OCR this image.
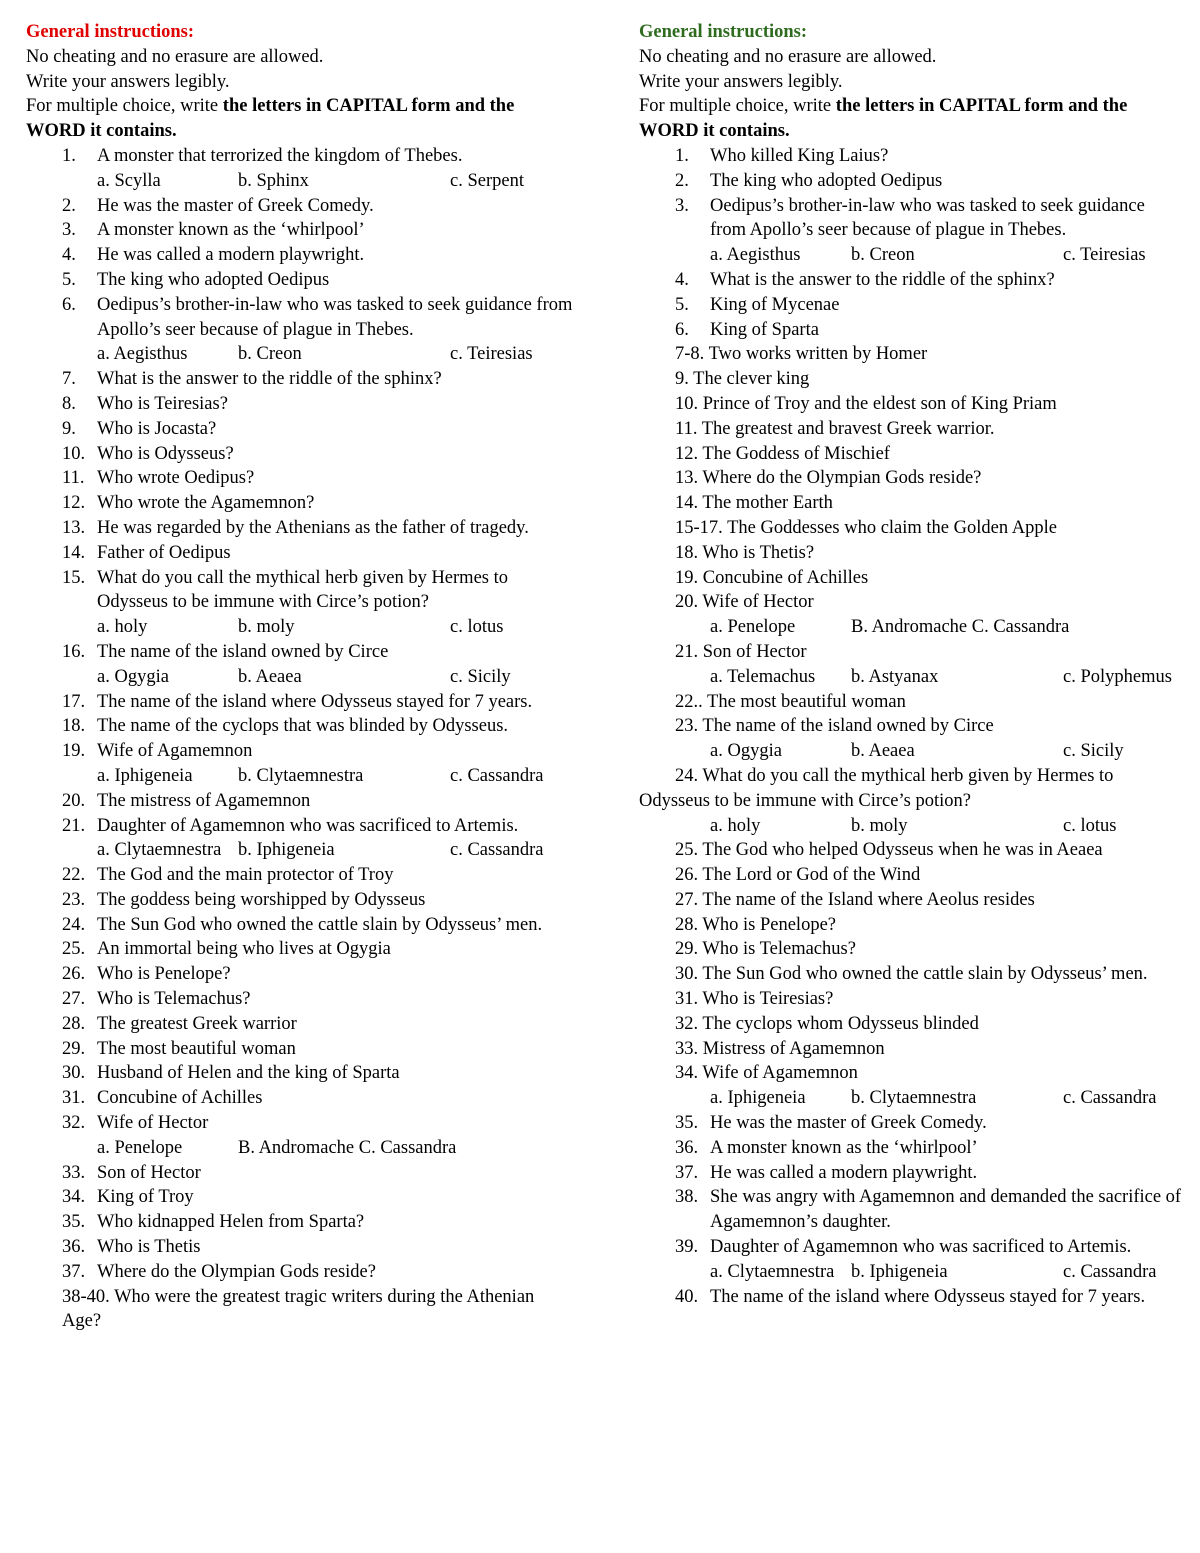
General instructions:

No cheating and no erasure are allowed.

Write your answers legibly.

For multiple choice, write the letters in CAPITAL form and the WORD it contains.

1. A monster that terrorized the kingdom of Thebes.
a. Scylla	b. Sphinx	c. Serpent
2. He was the master of Greek Comedy.
3. A monster known as the ‘whirlpool’
4. He was called a modern playwright.
5. The king who adopted Oedipus
6. Oedipus’s brother-in-law who was tasked to seek guidance from Apollo’s seer because of plague in Thebes.
a. Aegisthus	b. Creon	c. Teiresias
7. What is the answer to the riddle of the sphinx?
8. Who is Teiresias?
9. Who is Jocasta?
10. Who is Odysseus?
11. Who wrote Oedipus?
12. Who wrote the Agamemnon?
13. He was regarded by the Athenians as the father of tragedy.
14. Father of Oedipus
15. What do you call the mythical herb given by Hermes to Odysseus to be immune with Circe’s potion?
a. holy	b. moly	c. lotus
16. The name of the island owned by Circe
a. Ogygia	b. Aeaea	c. Sicily
17. The name of the island where Odysseus stayed for 7 years.
18. The name of the cyclops that was blinded by Odysseus.
19. Wife of Agamemnon
a. Iphigeneia	b. Clytaemnestra	c. Cassandra
20. The mistress of Agamemnon
21. Daughter of Agamemnon who was sacrificed to Artemis.
a. Clytaemnestra b. Iphigeneia	c. Cassandra
22. The God and the main protector of Troy
23. The goddess being worshipped by Odysseus
24. The Sun God who owned the cattle slain by Odysseus’ men.
25. An immortal being who lives at Ogygia
26. Who is Penelope?
27. Who is Telemachus?
28. The greatest Greek warrior
29. The most beautiful woman
30. Husband of Helen and the king of Sparta
31. Concubine of Achilles
32. Wife of Hector
a. Penelope	B. Andromache C. Cassandra
33. Son of Hector
34. King of Troy
35. Who kidnapped Helen from Sparta?
36. Who is Thetis
37. Where do the Olympian Gods reside?

38-40. Who were the greatest tragic writers during the Athenian Age?

General instructions:

No cheating and no erasure are allowed.

Write your answers legibly.

For multiple choice, write the letters in CAPITAL form and the WORD it contains.

1. Who killed King Laius?
2. The king who adopted Oedipus
3. Oedipus’s brother-in-law who was tasked to seek guidance from Apollo’s seer because of plague in Thebes.
a. Aegisthus	b. Creon	c. Teiresias
4. What is the answer to the riddle of the sphinx?
5. King of Mycenae
6. King of Sparta
7-8. Two works written by Homer
9. The clever king
10. Prince of Troy and the eldest son of King Priam
11. The greatest and bravest Greek warrior.
12. The Goddess of Mischief
13. Where do the Olympian Gods reside?
14. The mother Earth
15-17. The Goddesses who claim the Golden Apple
18. Who is Thetis?
19. Concubine of Achilles
20. Wife of Hector
a. Penelope	B. Andromache C. Cassandra
21. Son of Hector
a. Telemachus	b. Astyanax	c. Polyphemus
22.. The most beautiful woman
23. The name of the island owned by Circe
a. Ogygia	b. Aeaea	c. Sicily
24. What do you call the mythical herb given by Hermes to Odysseus to be immune with Circe’s potion?
a. holy	b. moly	c. lotus
25. The God who helped Odysseus when he was in Aeaea
26. The Lord or God of the Wind
27. The name of the Island where Aeolus resides
28. Who is Penelope?
29. Who is Telemachus?
30. The Sun God who owned the cattle slain by Odysseus’ men.
31. Who is Teiresias?
32. The cyclops whom Odysseus blinded
33. Mistress of Agamemnon
34. Wife of Agamemnon
a. Iphigeneia	b. Clytaemnestra	c. Cassandra
35. He was the master of Greek Comedy.
36. A monster known as the ‘whirlpool’
37. He was called a modern playwright.
38. She was angry with Agamemnon and demanded the sacrifice of Agamemnon’s daughter.
39. Daughter of Agamemnon who was sacrificed to Artemis.
a. Clytaemnestra b. Iphigeneia	c. Cassandra
40. The name of the island where Odysseus stayed for 7 years.
